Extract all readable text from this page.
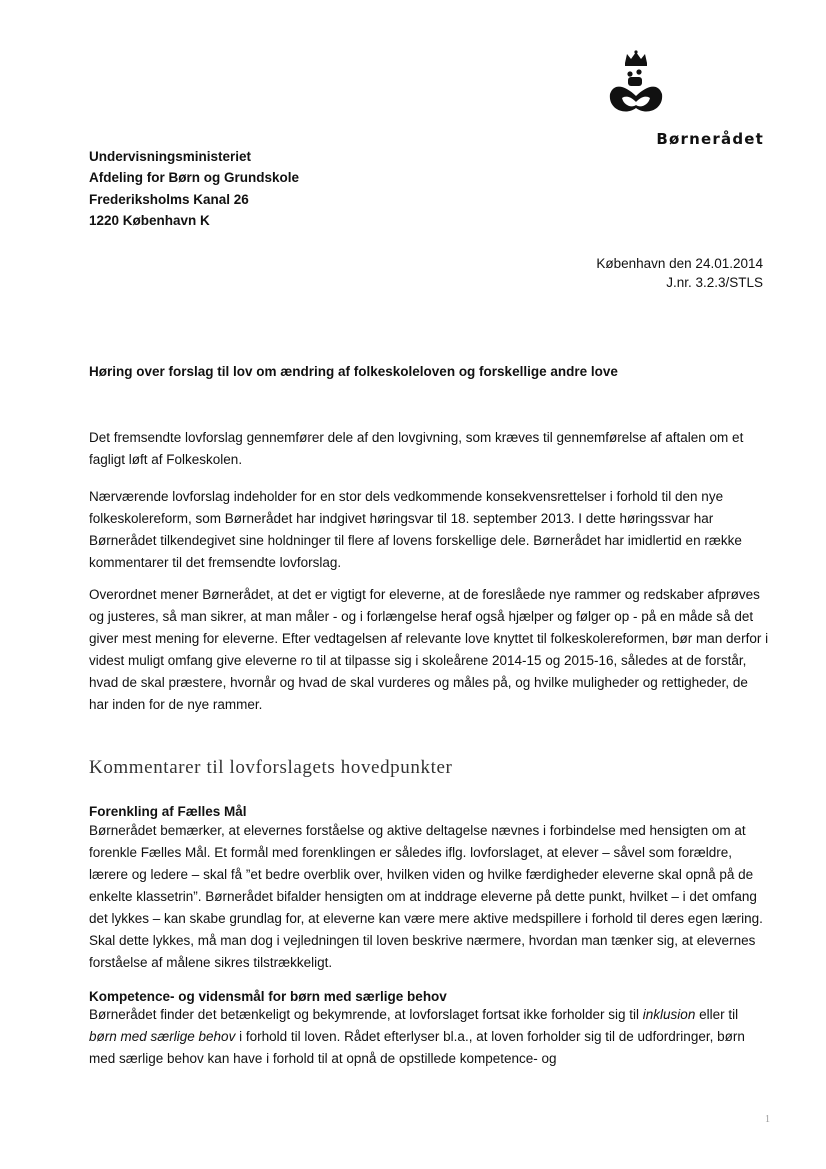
Børnerådet
Undervisningsministeriet
Afdeling for Børn og Grundskole
Frederiksholms Kanal 26
1220 København K
København den 24.01.2014
J.nr. 3.2.3/STLS
Høring over forslag til lov om ændring af folkeskoleloven og forskellige andre love

Det fremsendte lovforslag gennemfører dele af den lovgivning, som kræves til gennemførelse af aftalen om et fagligt løft af Folkeskolen.

Nærværende lovforslag indeholder for en stor dels vedkommende konsekvensrettelser i forhold til den nye folkeskolereform, som Børnerådet har indgivet høringsvar til 18. september 2013. I dette høringssvar har Børnerådet tilkendegivet sine holdninger til flere af lovens forskellige dele. Børnerådet har imidlertid en række kommentarer til det fremsendte lovforslag.

Overordnet mener Børnerådet, at det er vigtigt for eleverne, at de foreslåede nye rammer og redskaber afprøves og justeres, så man sikrer, at man måler - og i forlængelse heraf også hjælper og følger op - på en måde så det giver mest mening for eleverne. Efter vedtagelsen af relevante love knyttet til folkeskolereformen, bør man derfor i videst muligt omfang give eleverne ro til at tilpasse sig i skoleårene 2014-15 og 2015-16, således at de forstår, hvad de skal præstere, hvornår og hvad de skal vurderes og måles på, og hvilke muligheder og rettigheder, de har inden for de nye rammer.

Kommentarer til lovforslagets hovedpunkter
Forenkling af Fælles Mål

Børnerådet bemærker, at elevernes forståelse og aktive deltagelse nævnes i forbindelse med hensigten om at forenkle Fælles Mål. Et formål med forenklingen er således iflg. lovforslaget, at elever – såvel som forældre, lærere og ledere – skal få ”et bedre overblik over, hvilken viden og hvilke færdigheder eleverne skal opnå på de enkelte klassetrin”. Børnerådet bifalder hensigten om at inddrage eleverne på dette punkt, hvilket – i det omfang det lykkes – kan skabe grundlag for, at eleverne kan være mere aktive medspillere i forhold til deres egen læring. Skal dette lykkes, må man dog i vejledningen til loven beskrive nærmere, hvordan man tænker sig, at elevernes forståelse af målene sikres tilstrækkeligt.

Kompetence- og vidensmål for børn med særlige behov

Børnerådet finder det betænkeligt og bekymrende, at lovforslaget fortsat ikke forholder sig til inklusion eller til børn med særlige behov i forhold til loven. Rådet efterlyser bl.a., at loven forholder sig til de udfordringer, børn med særlige behov kan have i forhold til at opnå de opstillede kompetence- og

1
